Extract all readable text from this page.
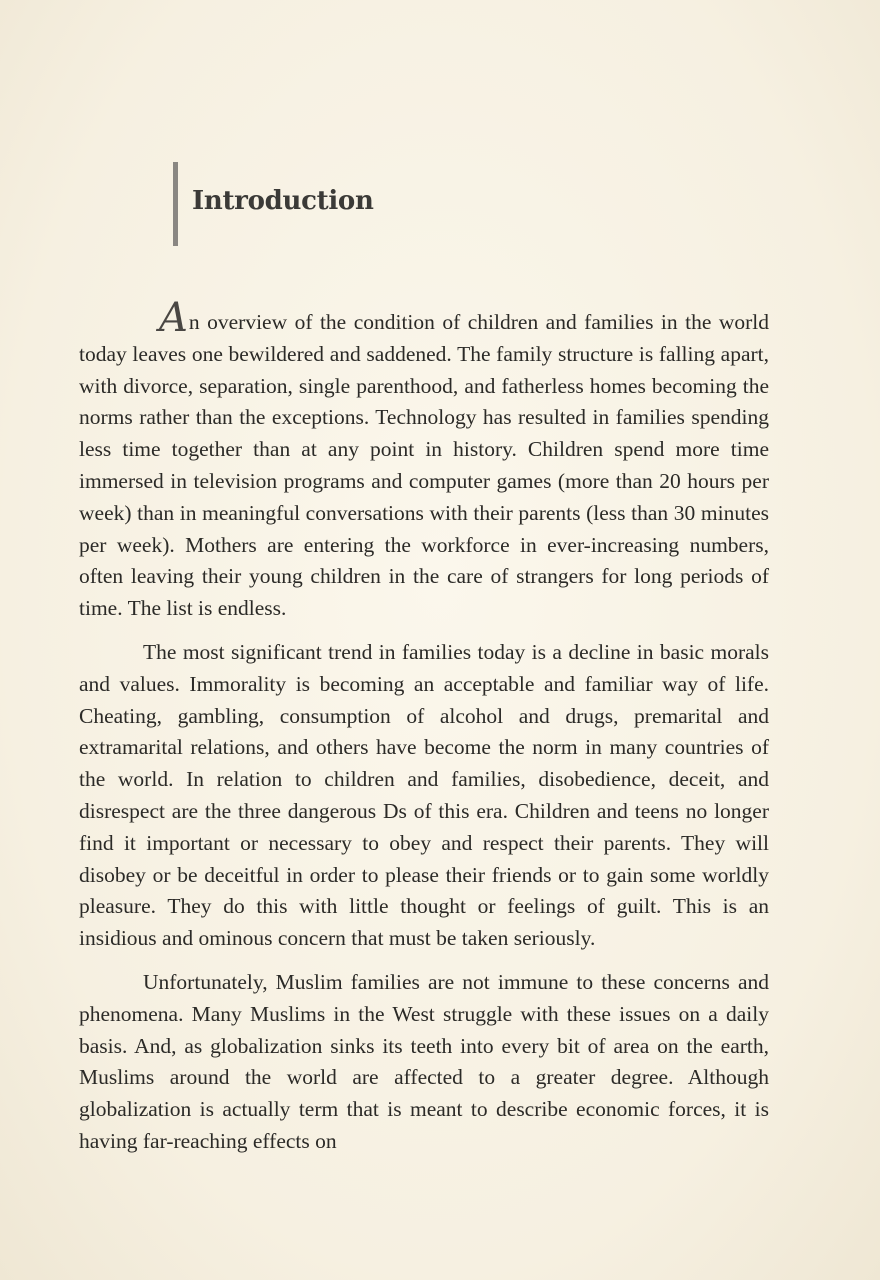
Introduction

An overview of the condition of children and families in the world today leaves one bewildered and saddened. The family structure is falling apart, with divorce, separation, single parenthood, and fatherless homes becoming the norms rather than the exceptions. Technology has resulted in families spending less time together than at any point in history. Children spend more time immersed in television programs and computer games (more than 20 hours per week) than in meaningful conversations with their parents (less than 30 minutes per week). Mothers are entering the workforce in ever-increasing numbers, often leaving their young children in the care of strangers for long periods of time. The list is endless.

The most significant trend in families today is a decline in basic morals and values. Immorality is becoming an acceptable and familiar way of life. Cheating, gambling, consumption of alcohol and drugs, premarital and extramarital relations, and others have become the norm in many countries of the world. In relation to children and families, disobedience, deceit, and disrespect are the three dangerous Ds of this era. Children and teens no longer find it important or necessary to obey and respect their parents. They will disobey or be deceitful in order to please their friends or to gain some worldly pleasure. They do this with little thought or feelings of guilt. This is an insidious and ominous concern that must be taken seriously.

Unfortunately, Muslim families are not immune to these concerns and phenomena. Many Muslims in the West struggle with these issues on a daily basis. And, as globalization sinks its teeth into every bit of area on the earth, Muslims around the world are affected to a greater degree. Although globalization is actually term that is meant to describe economic forces, it is having far-reaching effects on
